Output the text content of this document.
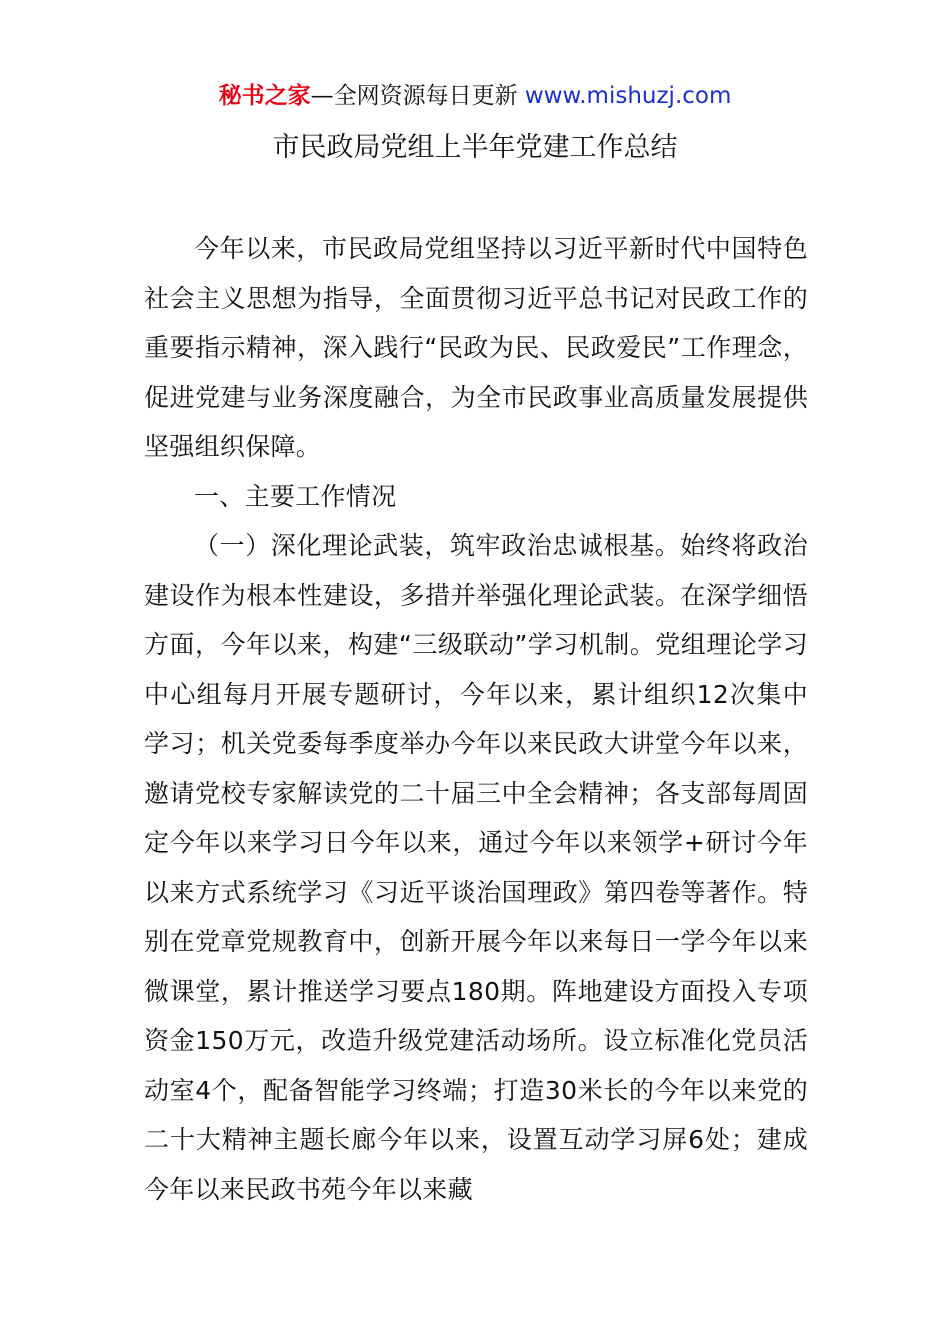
秘书之家—全网资源每日更新 www.mishuzj.com
市民政局党组上半年党建工作总结

今年以来，市民政局党组坚持以习近平新时代中国特色社会主义思想为指导，全面贯彻习近平总书记对民政工作的重要指示精神，深入践行“民政为民、民政爱民”工作理念，促进党建与业务深度融合，为全市民政事业高质量发展提供坚强组织保障。

一、主要工作情况

（一）深化理论武装，筑牢政治忠诚根基。始终将政治建设作为根本性建设，多措并举强化理论武装。在深学细悟方面，今年以来，构建“三级联动”学习机制。党组理论学习中心组每月开展专题研讨，今年以来，累计组织12次集中学习；机关党委每季度举办今年以来民政大讲堂今年以来，邀请党校专家解读党的二十届三中全会精神；各支部每周固定今年以来学习日今年以来，通过今年以来领学+研讨今年以来方式系统学习《习近平谈治国理政》第四卷等著作。特别在党章党规教育中，创新开展今年以来每日一学今年以来微课堂，累计推送学习要点180期。阵地建设方面投入专项资金150万元，改造升级党建活动场所。设立标准化党员活动室4个，配备智能学习终端；打造30米长的今年以来党的二十大精神主题长廊今年以来，设置互动学习屏6处；建成今年以来民政书苑今年以来藏
